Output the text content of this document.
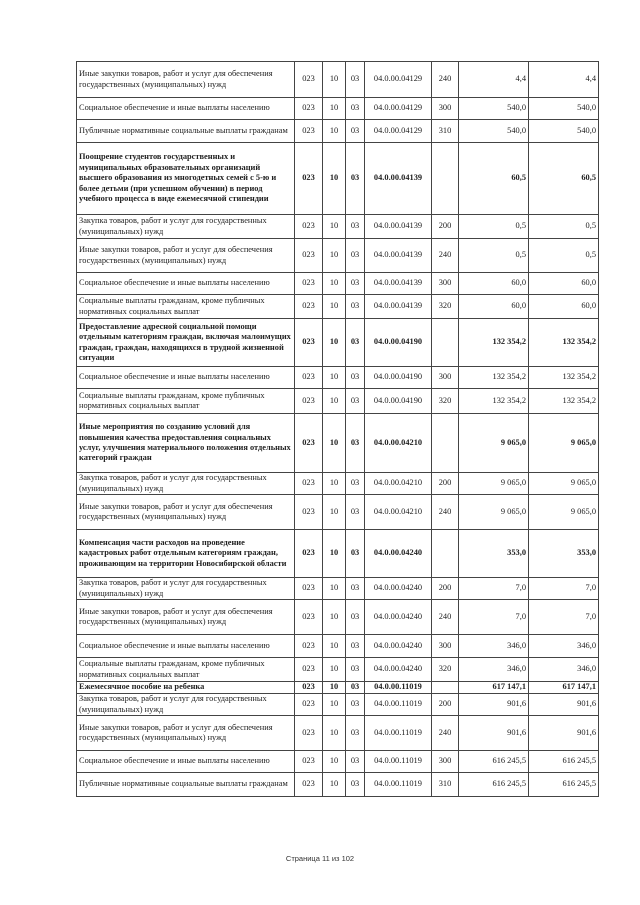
Иные закупки товаров, работ и услуг для обеспечения государственных (муниципальных) нужд	023	10	03	04.0.00.04129	240	4,4	4,4
Социальное обеспечение и иные выплаты населению	023	10	03	04.0.00.04129	300	540,0	540,0
Публичные нормативные социальные выплаты гражданам	023	10	03	04.0.00.04129	310	540,0	540,0
Поощрение студентов государственных и муниципальных образовательных организаций высшего образования из многодетных семей с 5-ю и более детьми (при успешном обучении) в период учебного процесса в виде ежемесячной стипендии	023	10	03	04.0.00.04139		60,5	60,5
Закупка товаров, работ и услуг для государственных (муниципальных) нужд	023	10	03	04.0.00.04139	200	0,5	0,5
Иные закупки товаров, работ и услуг для обеспечения государственных (муниципальных) нужд	023	10	03	04.0.00.04139	240	0,5	0,5
Социальное обеспечение и иные выплаты населению	023	10	03	04.0.00.04139	300	60,0	60,0
Социальные выплаты гражданам, кроме публичных нормативных социальных выплат	023	10	03	04.0.00.04139	320	60,0	60,0
Предоставление адресной социальной помощи отдельным категориям граждан, включая малоимущих граждан, граждан, находящихся в трудной жизненной ситуации	023	10	03	04.0.00.04190		132 354,2	132 354,2
Социальное обеспечение и иные выплаты населению	023	10	03	04.0.00.04190	300	132 354,2	132 354,2
Социальные выплаты гражданам, кроме публичных нормативных социальных выплат	023	10	03	04.0.00.04190	320	132 354,2	132 354,2
Иные мероприятия по созданию условий для повышения качества предоставления социальных услуг, улучшения материального положения отдельных категорий граждан	023	10	03	04.0.00.04210		9 065,0	9 065,0
Закупка товаров, работ и услуг для государственных (муниципальных) нужд	023	10	03	04.0.00.04210	200	9 065,0	9 065,0
Иные закупки товаров, работ и услуг для обеспечения государственных (муниципальных) нужд	023	10	03	04.0.00.04210	240	9 065,0	9 065,0
Компенсация части расходов на проведение кадастровых работ отдельным категориям граждан, проживающим на территории Новосибирской области	023	10	03	04.0.00.04240		353,0	353,0
Закупка товаров, работ и услуг для государственных (муниципальных) нужд	023	10	03	04.0.00.04240	200	7,0	7,0
Иные закупки товаров, работ и услуг для обеспечения государственных (муниципальных) нужд	023	10	03	04.0.00.04240	240	7,0	7,0
Социальное обеспечение и иные выплаты населению	023	10	03	04.0.00.04240	300	346,0	346,0
Социальные выплаты гражданам, кроме публичных нормативных социальных выплат	023	10	03	04.0.00.04240	320	346,0	346,0
Ежемесячное пособие на ребенка	023	10	03	04.0.00.11019		617 147,1	617 147,1
Закупка товаров, работ и услуг для государственных (муниципальных) нужд	023	10	03	04.0.00.11019	200	901,6	901,6
Иные закупки товаров, работ и услуг для обеспечения государственных (муниципальных) нужд	023	10	03	04.0.00.11019	240	901,6	901,6
Социальное обеспечение и иные выплаты населению	023	10	03	04.0.00.11019	300	616 245,5	616 245,5
Публичные нормативные социальные выплаты гражданам	023	10	03	04.0.00.11019	310	616 245,5	616 245,5
Страница 11 из 102
